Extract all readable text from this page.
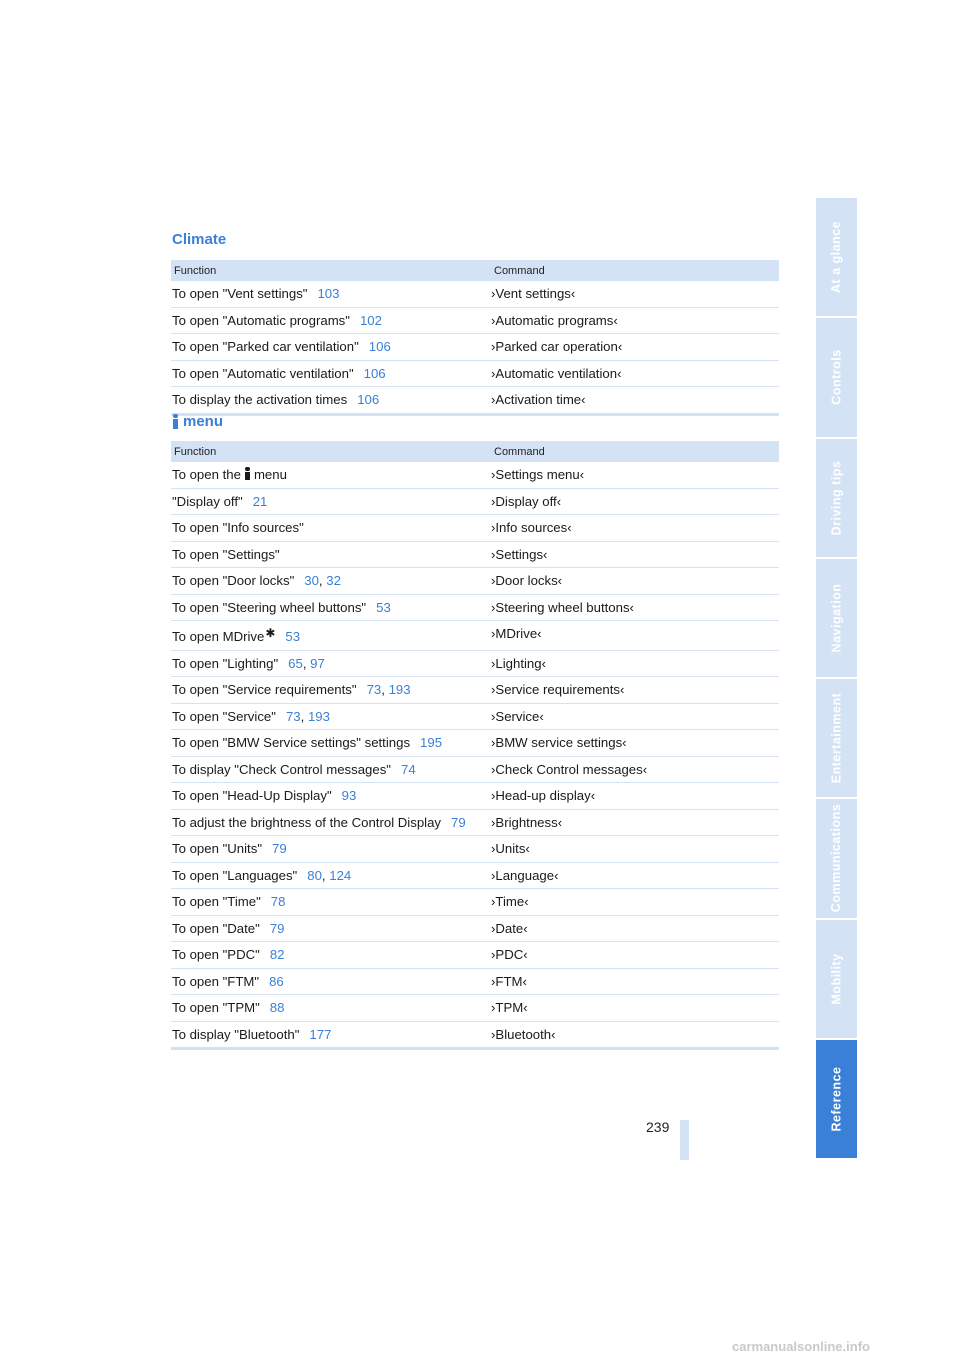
Climate
Function	Command
To open "Vent settings" 103	›Vent settings‹
To open "Automatic programs" 102	›Automatic programs‹
To open "Parked car ventilation" 106	›Parked car operation‹
To open "Automatic ventilation" 106	›Automatic ventilation‹
To display the activation times 106	›Activation time‹
menu
Function	Command
To open the menu	›Settings menu‹
"Display off" 21	›Display off‹
To open "Info sources"	›Info sources‹
To open "Settings"	›Settings‹
To open "Door locks" 30, 32	›Door locks‹
To open "Steering wheel buttons" 53	›Steering wheel buttons‹
To open MDrive✱ 53	›MDrive‹
To open "Lighting" 65, 97	›Lighting‹
To open "Service requirements" 73, 193	›Service requirements‹
To open "Service" 73, 193	›Service‹
To open "BMW Service settings" settings 195	›BMW service settings‹
To display "Check Control messages" 74	›Check Control messages‹
To open "Head-Up Display" 93	›Head-up display‹
To adjust the brightness of the Control Display 79	›Brightness‹
To open "Units" 79	›Units‹
To open "Languages" 80, 124	›Language‹
To open "Time" 78	›Time‹
To open "Date" 79	›Date‹
To open "PDC" 82	›PDC‹
To open "FTM" 86	›FTM‹
To open "TPM" 88	›TPM‹
To display "Bluetooth" 177	›Bluetooth‹
239
At a glance
Controls
Driving tips
Navigation
Entertainment
Communications
Mobility
Reference
carmanualsonline.info
